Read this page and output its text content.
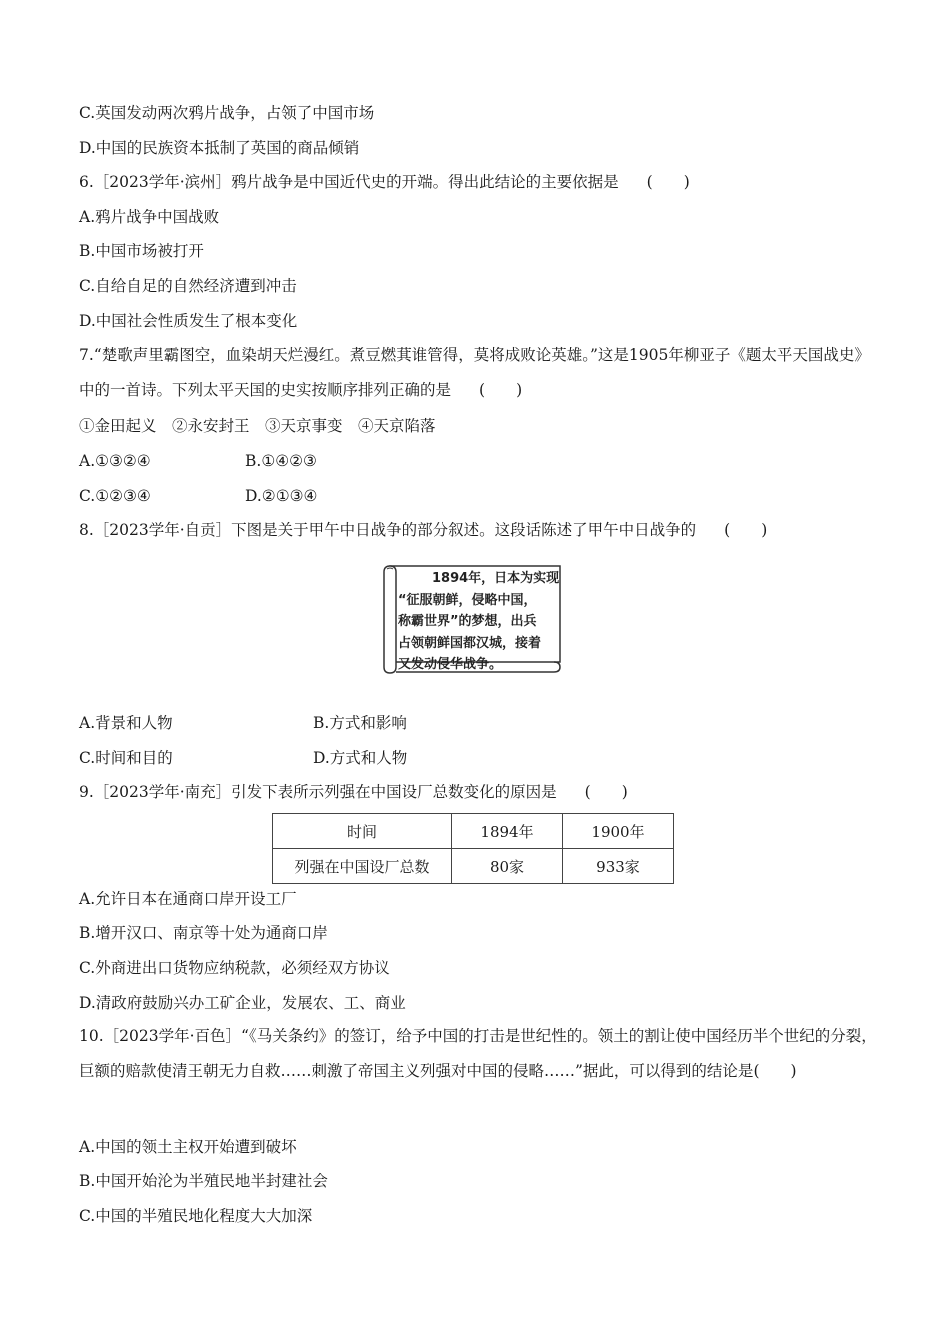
C.英国发动两次鸦片战争，占领了中国市场
D.中国的民族资本抵制了英国的商品倾销
6.［2023学年·滨州］鸦片战争是中国近代史的开端。得出此结论的主要依据是 (　　)
A.鸦片战争中国战败
B.中国市场被打开
C.自给自足的自然经济遭到冲击
D.中国社会性质发生了根本变化
7.“楚歌声里霸图空，血染胡天烂漫红。煮豆燃萁谁管得，莫将成败论英雄。”这是1905年柳亚子《题太平天国战史》中的一首诗。下列太平天国的史实按顺序排列正确的是 (　　)
①金田起义　②永安封王　③天京事变　④天京陷落
A.①③②④	B.①④②③
C.①②③④	D.②①③④
8.［2023学年·自贡］下图是关于甲午中日战争的部分叙述。这段话陈述了甲午中日战争的 (　　)
1894年，日本为实现
“征服朝鲜，侵略中国，
称霸世界”的梦想，出兵
占领朝鲜国都汉城，接着
又发动侵华战争。
A.背景和人物	B.方式和影响
C.时间和目的	D.方式和人物
9.［2023学年·南充］引发下表所示列强在中国设厂总数变化的原因是 (　　)
时间	1894年	1900年
列强在中国设厂总数	80家	933家
A.允许日本在通商口岸开设工厂
B.增开汉口、南京等十处为通商口岸
C.外商进出口货物应纳税款，必须经双方协议
D.清政府鼓励兴办工矿企业，发展农、工、商业
10.［2023学年·百色］“《马关条约》的签订，给予中国的打击是世纪性的。领土的割让使中国经历半个世纪的分裂，巨额的赔款使清王朝无力自救……刺激了帝国主义列强对中国的侵略……”据此，可以得到的结论是(　　)
A.中国的领土主权开始遭到破坏
B.中国开始沦为半殖民地半封建社会
C.中国的半殖民地化程度大大加深
